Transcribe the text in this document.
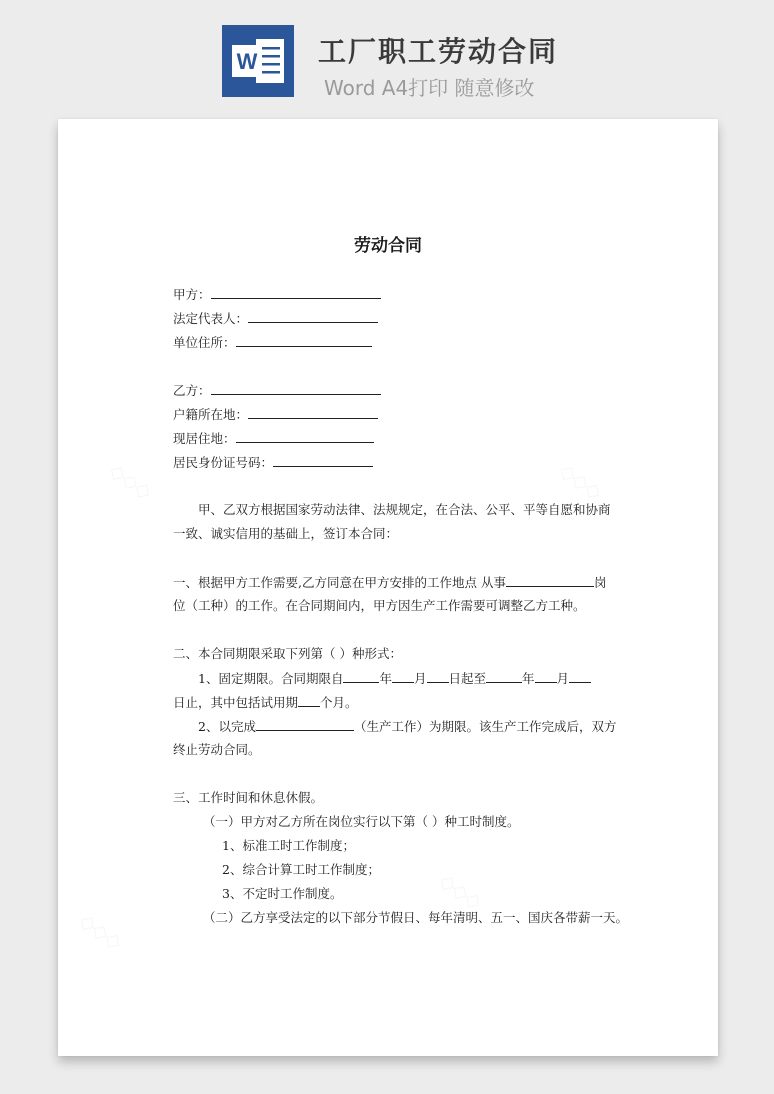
W 工厂职工劳动合同
Word A4打印 随意修改
劳动合同
甲方：
法定代表人：
单位住所：
乙方：
户籍所在地：
现居住地：
居民身份证号码：
甲、乙双方根据国家劳动法律、法规规定，在合法、公平、平等自愿和协商
一致、诚实信用的基础上，签订本合同：
一、根据甲方工作需要,乙方同意在甲方安排的工作地点 从事	岗
位（工种）的工作。在合同期间内，甲方因生产工作需要可调整乙方工种。
二、本合同期限采取下列第（ ）种形式：
1、固定期限。合同期限自	年 月 日起至	年 月
日止，其中包括试用期 个月。
2、以完成	（生产工作）为期限。该生产工作完成后，双方
终止劳动合同。
三、工作时间和休息休假。
（一）甲方对乙方所在岗位实行以下第（ ）种工时制度。
1、标准工时工作制度；
2、综合计算工时工作制度；
3、不定时工作制度。
（二）乙方享受法定的以下部分节假日、每年清明、五一、国庆各带薪一天。
